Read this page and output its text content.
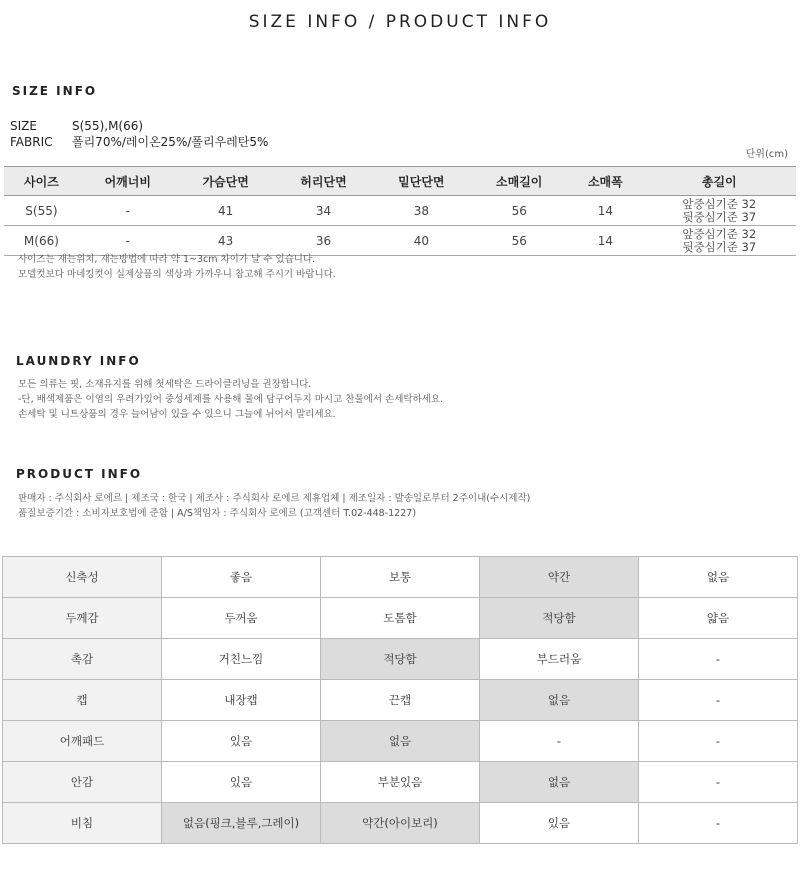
SIZE INFO / PRODUCT INFO
SIZE INFO
SIZE	S(55),M(66)
FABRIC 폴리70%/레이온25%/폴리우레탄5%
단위(cm)
사이즈	어깨너비	가슴단면	허리단면	밑단단면	소매길이	소매폭	총길이
S(55)	-	41	34	38	56	14	앞중심기준 32
뒷중심기준 37

M(66)	-	43	36	40	56	14	앞중심기준 32
뒷중심기준 37
사이즈는 재는위치, 재는방법에 따라 약 1~3cm 차이가 날 수 있습니다.
모델컷보다 마네킹컷이 실제상품의 색상과 가까우니 참고해 주시기 바랍니다.
LAUNDRY INFO
모든 의류는 핏, 소재유지를 위해 첫세탁은 드라이클리닝을 권장합니다.
-단, 배색제품은 이염의 우려가있어 중성세제를 사용해 물에 담구어두지 마시고 찬물에서 손세탁하세요.
손세탁 및 니트상품의 경우 늘어남이 있을 수 있으니 그늘에 뉘어서 말리세요.
PRODUCT INFO
판매자 : 주식회사 로에르 | 제조국 : 한국 | 제조사 : 주식회사 로에르 제휴업체 | 제조일자 : 발송일로부터 2주이내(수시제작)
품질보증기간 : 소비자보호법에 준함 | A/S책임자 : 주식회사 로에르 (고객센터 T.02-448-1227)
신축성	좋음	보통	약간	없음
두께감	두꺼움	도톰함	적당함	얇음
촉감	거친느낌	적당함	부드러움	-
캡	내장캡	끈캡	없음	-
어깨패드	있음	없음	-	-
안감	있음	부분있음	없음	-
비침	없음(핑크,블루,그레이)	약간(아이보리)	있음	-
